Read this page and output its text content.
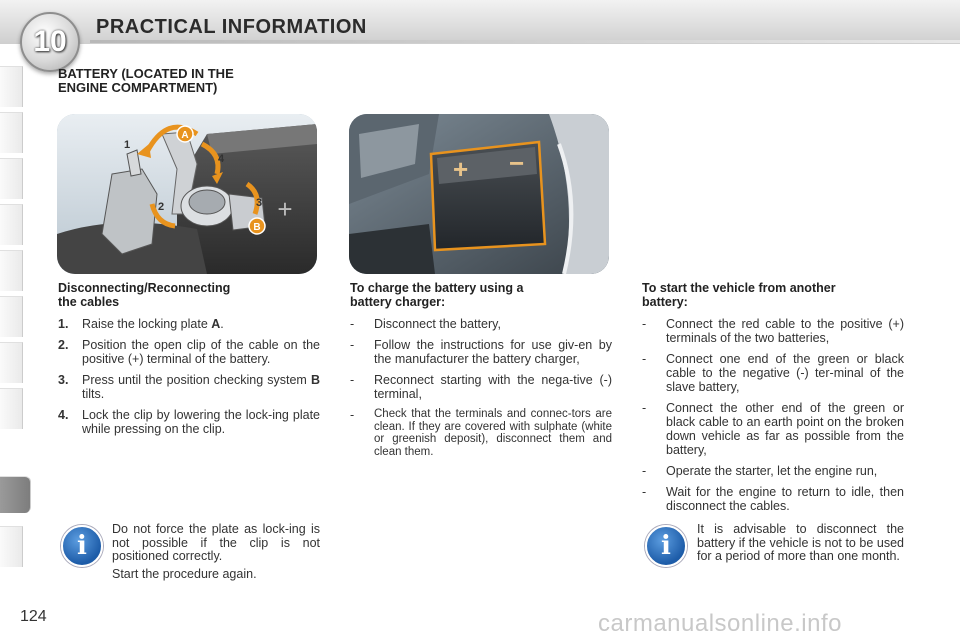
10 PRACTICAL INFORMATION
BATTERY (LOCATED IN THE
ENGINE COMPARTMENT)
A
B
1
2	3
4
+
+ −
Disconnecting/Reconnecting
the cables
1.	Raise the locking plate A.
2.	Position the open clip of the cable on the positive (+) terminal of the battery.
3.	Press until the position checking system B tilts.
4.	Lock the clip by lowering the lock-ing plate while pressing on the clip.
To charge the battery using a
battery charger:
-	Disconnect the battery,
-	Follow the instructions for use giv-en by the manufacturer the battery charger,
-	Reconnect starting with the nega-tive (-) terminal,
-	Check that the terminals and connec-tors are clean. If they are covered with sulphate (white or greenish deposit), disconnect them and clean them.
To start the vehicle from another
battery:
-	Connect the red cable to the positive (+) terminals of the two batteries,
-	Connect one end of the green or black cable to the negative (-) ter-minal of the slave battery,
-	Connect the other end of the green or black cable to an earth point on the broken down vehicle as far as possible from the battery,
-	Operate the starter, let the engine run,
-	Wait for the engine to return to idle, then disconnect the cables.
i

Do not force the plate as lock-ing is not possible if the clip is not positioned correctly.

Start the procedure again.

i

It is advisable to disconnect the battery if the vehicle is not to be used for a period of more than one month.

124	carmanualsonline.info
